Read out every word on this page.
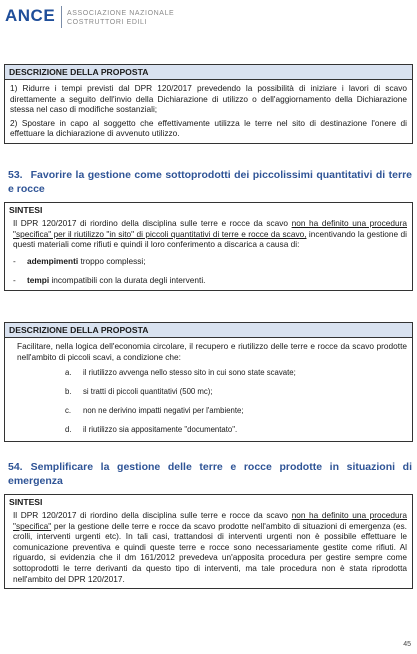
ANCE ASSOCIAZIONE NAZIONALE
COSTRUTTORI EDILI
DESCRIZIONE DELLA PROPOSTA

1) Ridurre i tempi previsti dal DPR 120/2017 prevedendo la possibilità di iniziare i lavori di scavo direttamente a seguito dell'invio della Dichiarazione di utilizzo o dell'aggiornamento della Dichiarazione stessa nel caso di modifiche sostanziali;

2) Spostare in capo al soggetto che effettivamente utilizza le terre nel sito di destinazione l'onere di effettuare la dichiarazione di avvenuto utilizzo.

53. Favorire la gestione come sottoprodotti dei piccolissimi quantitativi di terre e rocce
SINTESI

Il DPR 120/2017 di riordino della disciplina sulle terre e rocce da scavo non ha definito una procedura "specifica" per il riutilizzo "in sito" di piccoli quantitativi di terre e rocce da scavo, incentivando la gestione di questi materiali come rifiuti e quindi il loro conferimento a discarica a causa di:

-	adempimenti troppo complessi;
-	tempi incompatibili con la durata degli interventi.
DESCRIZIONE DELLA PROPOSTA

Facilitare, nella logica dell'economia circolare, il recupero e riutilizzo delle terre e rocce da scavo prodotte nell'ambito di piccoli scavi, a condizione che:

a.	il riutilizzo avvenga nello stesso sito in cui sono state scavate;
b.	si tratti di piccoli quantitativi (500 mc);
c.	non ne derivino impatti negativi per l'ambiente;
d.	il riutilizzo sia appositamente "documentato".
54. Semplificare la gestione delle terre e rocce prodotte in situazioni di emergenza
SINTESI

Il DPR 120/2017 di riordino della disciplina sulle terre e rocce da scavo non ha definito una procedura "specifica" per la gestione delle terre e rocce da scavo prodotte nell'ambito di situazioni di emergenza (es. crolli, interventi urgenti etc). In tali casi, trattandosi di interventi urgenti non è possibile effettuare le comunicazione preventiva e quindi queste terre e rocce sono necessariamente gestite come rifiuti. Al riguardo, si evidenzia che il dm 161/2012 prevedeva un'apposita procedura per gestire sempre come sottoprodotti le terre derivanti da questo tipo di interventi, ma tale procedura non è stata riprodotta nell'ambito del DPR 120/2017.

45
